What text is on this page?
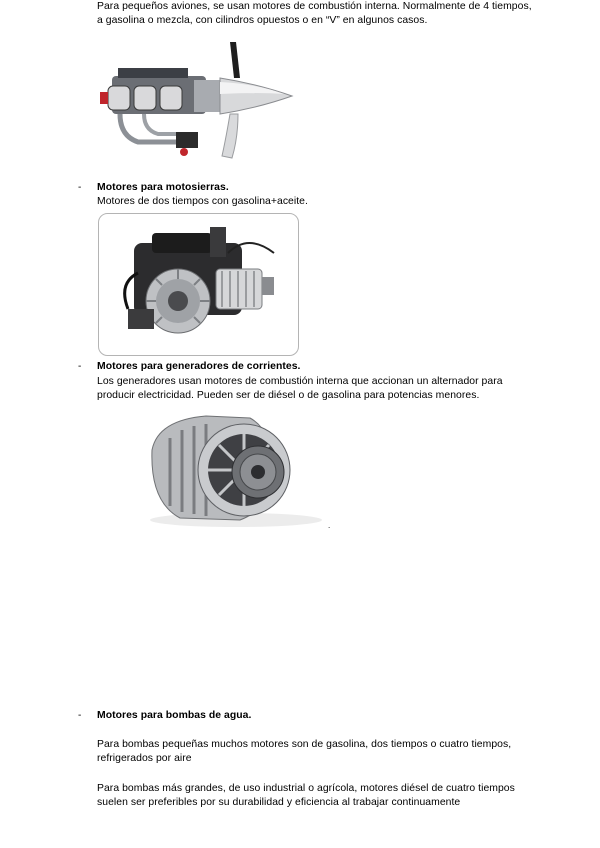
Para pequeños aviones, se usan motores de combustión interna. Normalmente de 4 tiempos,
a gasolina o mezcla, con cilindros opuestos o en “V” en algunos casos.
- Motores para motosierras.
Motores de dos tiempos con gasolina+aceite.
- Motores para generadores de corrientes.
Los generadores usan motores de combustión interna que accionan un alternador para
producir electricidad. Pueden ser de diésel o de gasolina para potencias menores.
.
- Motores para bombas de agua.
Para bombas pequeñas muchos motores son de gasolina, dos tiempos o cuatro tiempos,
refrigerados por aire
Para bombas más grandes, de uso industrial o agrícola, motores diésel de cuatro tiempos
suelen ser preferibles por su durabilidad y eficiencia al trabajar continuamente
